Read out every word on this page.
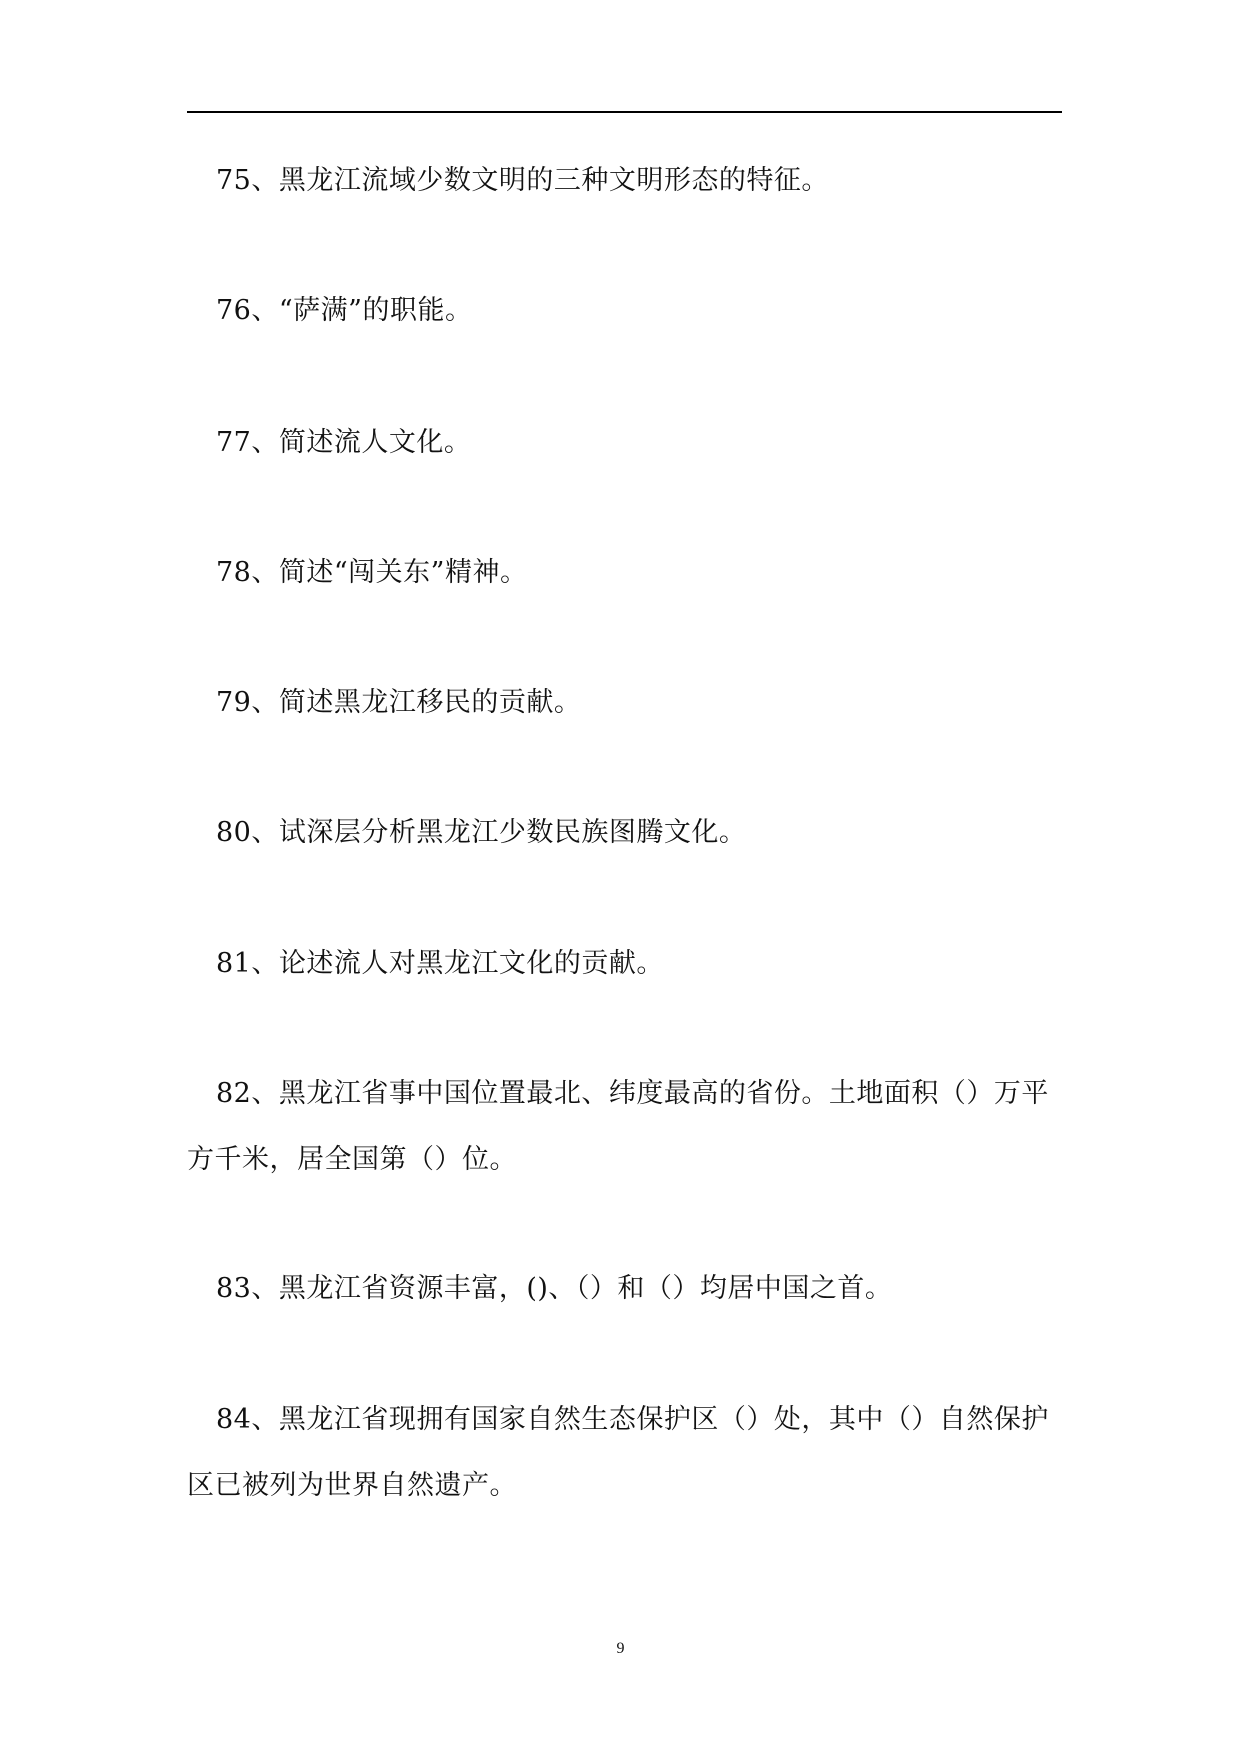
75、黑龙江流域少数文明的三种文明形态的特征。

76、“萨满”的职能。

77、简述流人文化。

78、简述“闯关东”精神。

79、简述黑龙江移民的贡献。

80、试深层分析黑龙江少数民族图腾文化。

81、论述流人对黑龙江文化的贡献。

82、黑龙江省事中国位置最北、纬度最高的省份。土地面积（）万平方千米，居全国第（）位。

83、黑龙江省资源丰富，()、（）和（）均居中国之首。

84、黑龙江省现拥有国家自然生态保护区（）处，其中（）自然保护区已被列为世界自然遗产。

9
